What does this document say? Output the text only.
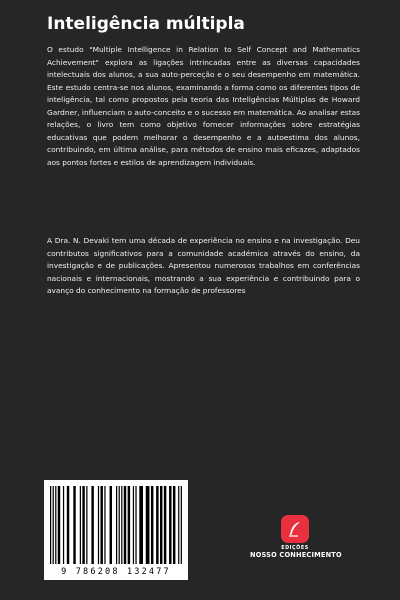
Inteligência múltipla

O estudo "Multiple Intelligence in Relation to Self Concept and Mathematics Achievement" explora as ligações intrincadas entre as diversas capacidades intelectuais dos alunos, a sua auto-perceção e o seu desempenho em matemática. Este estudo centra-se nos alunos, examinando a forma como os diferentes tipos de inteligência, tal como propostos pela teoria das Inteligências Múltiplas de Howard Gardner, influenciam o auto-conceito e o sucesso em matemática. Ao analisar estas relações, o livro tem como objetivo fornecer informações sobre estratégias educativas que podem melhorar o desempenho e a autoestima dos alunos, contribuindo, em última análise, para métodos de ensino mais eficazes, adaptados aos pontos fortes e estilos de aprendizagem individuais.

A Dra. N. Devaki tem uma década de experiência no ensino e na investigação. Deu contributos significativos para a comunidade académica através do ensino, da investigação e de publicações. Apresentou numerosos trabalhos em conferências nacionais e internacionais, mostrando a sua experiência e contribuindo para o avanço do conhecimento na formação de professores

9 786208 132477
EDIÇÕES
NOSSO CONHECIMENTO
